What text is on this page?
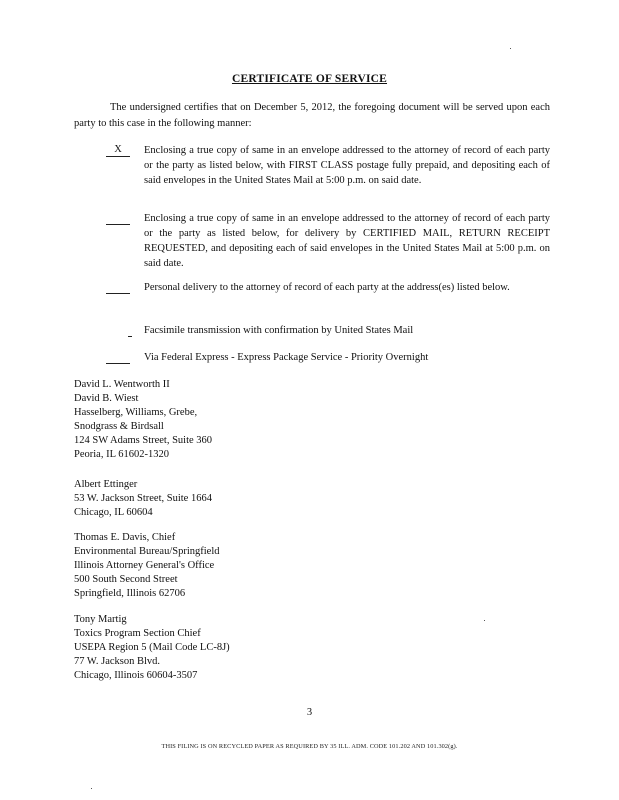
CERTIFICATE OF SERVICE
The undersigned certifies that on December 5, 2012, the foregoing document will be served upon each party to this case in the following manner:
X	Enclosing a true copy of same in an envelope addressed to the attorney of record of each party or the party as listed below, with FIRST CLASS postage fully prepaid, and depositing each of said envelopes in the United States Mail at 5:00 p.m. on said date.
Enclosing a true copy of same in an envelope addressed to the attorney of record of each party or the party as listed below, for delivery by CERTIFIED MAIL, RETURN RECEIPT REQUESTED, and depositing each of said envelopes in the United States Mail at 5:00 p.m. on said date.
Personal delivery to the attorney of record of each party at the address(es) listed below.
Facsimile transmission with confirmation by United States Mail
Via Federal Express - Express Package Service - Priority Overnight
David L. Wentworth II
David B. Wiest
Hasselberg, Williams, Grebe,
Snodgrass & Birdsall
124 SW Adams Street, Suite 360
Peoria, IL 61602-1320
Albert Ettinger
53 W. Jackson Street, Suite 1664
Chicago, IL 60604
Thomas E. Davis, Chief
Environmental Bureau/Springfield
Illinois Attorney General's Office
500 South Second Street
Springfield, Illinois 62706
Tony Martig
Toxics Program Section Chief
USEPA Region 5 (Mail Code LC-8J)
77 W. Jackson Blvd.
Chicago, Illinois 60604-3507
3
THIS FILING IS ON RECYCLED PAPER AS REQUIRED BY 35 ILL. ADM. CODE 101.202 AND 101.302(g).
